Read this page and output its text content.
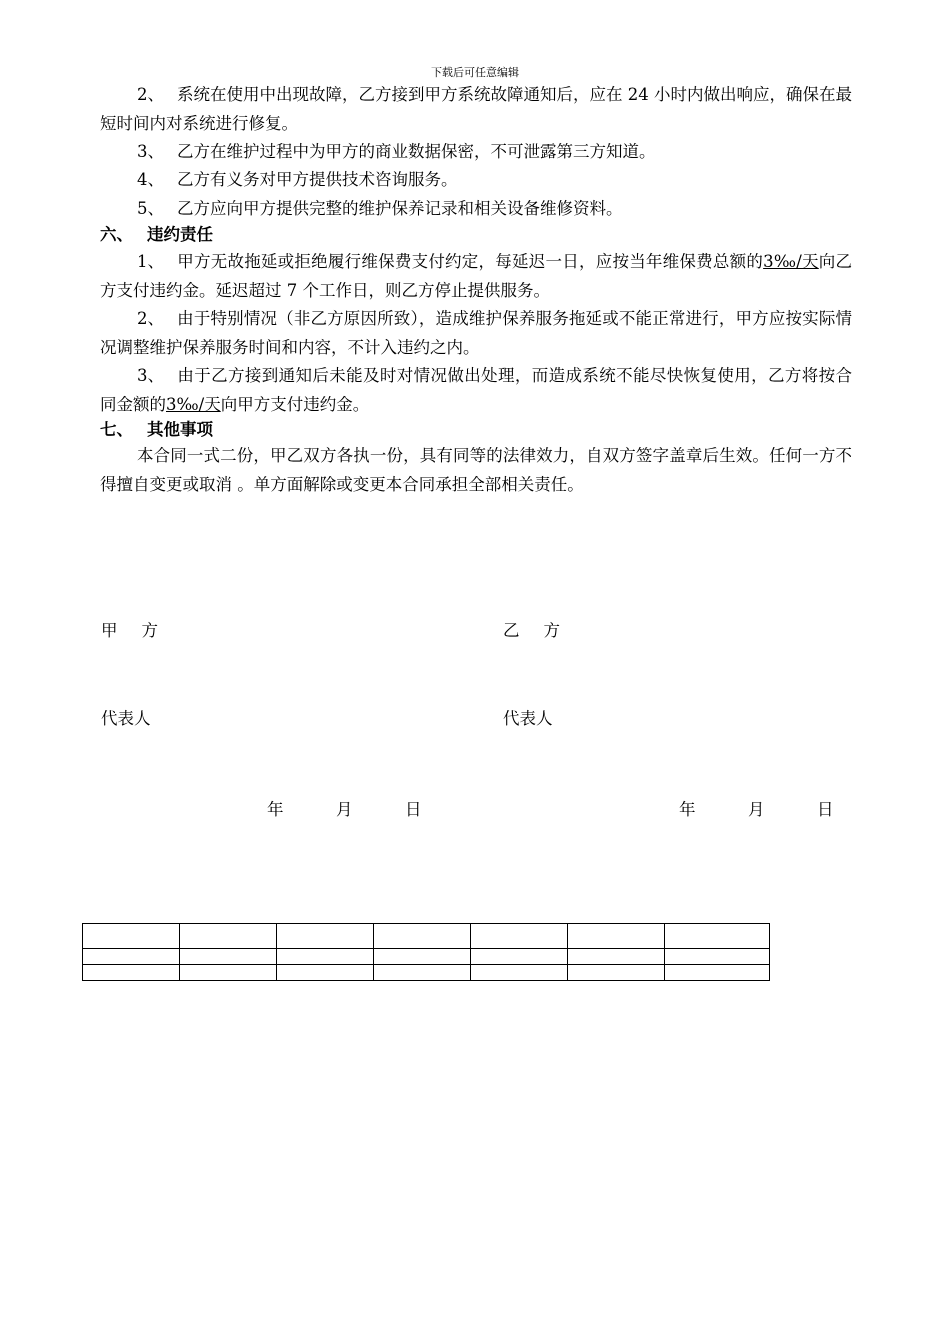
下载后可任意编辑

2、 系统在使用中出现故障，乙方接到甲方系统故障通知后，应在 24 小时内做出响应，确保在最短时间内对系统进行修复。

3、 乙方在维护过程中为甲方的商业数据保密，不可泄露第三方知道。

4、 乙方有义务对甲方提供技术咨询服务。

5、 乙方应向甲方提供完整的维护保养记录和相关设备维修资料。

六、 违约责任

1、 甲方无故拖延或拒绝履行维保费支付约定，每延迟一日，应按当年维保费总额的3‰/天向乙方支付违约金。延迟超过 7 个工作日，则乙方停止提供服务。

2、 由于特别情况（非乙方原因所致），造成维护保养服务拖延或不能正常进行，甲方应按实际情况调整维护保养服务时间和内容，不计入违约之内。

3、 由于乙方接到通知后未能及时对情况做出处理，而造成系统不能尽快恢复使用，乙方将按合同金额的3‰/天向甲方支付违约金。

七、 其他事项

本合同一式二份，甲乙双方各执一份，具有同等的法律效力，自双方签字盖章后生效。任何一方不得擅自变更或取消 。单方面解除或变更本合同承担全部相关责任。

甲 方	乙 方
代表人	代表人
年	月	日	年	月	日
